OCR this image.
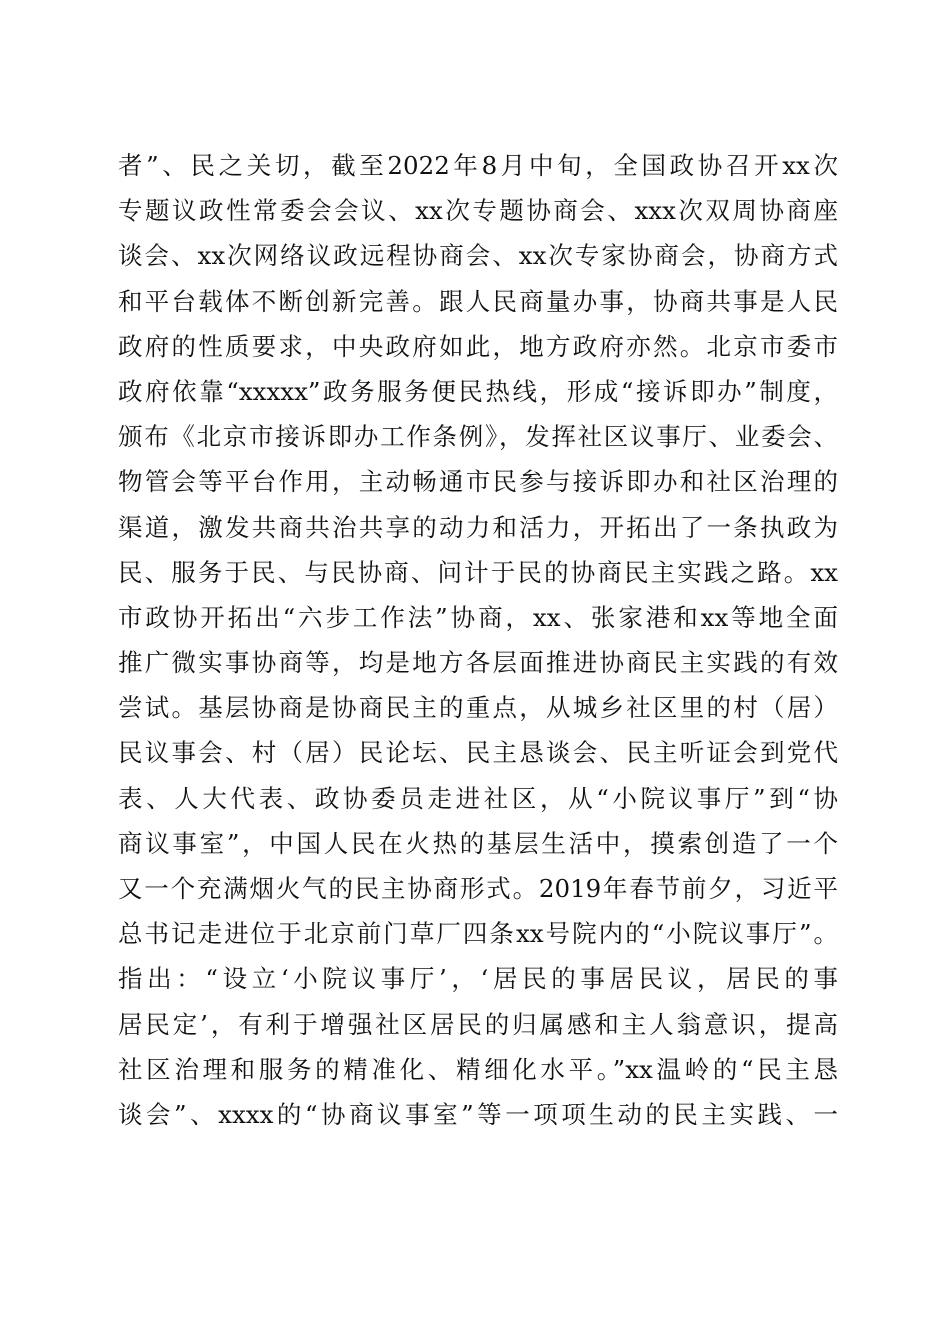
者”、民之关切，截至2022年8月中旬，全国政协召开xx次
专题议政性常委会会议、xx次专题协商会、xxx次双周协商座
谈会、xx次网络议政远程协商会、xx次专家协商会，协商方式
和平台载体不断创新完善。跟人民商量办事，协商共事是人民
政府的性质要求，中央政府如此，地方政府亦然。北京市委市
政府依靠“xxxxx”政务服务便民热线，形成“接诉即办”制度，
颁布《北京市接诉即办工作条例》，发挥社区议事厅、业委会、
物管会等平台作用，主动畅通市民参与接诉即办和社区治理的
渠道，激发共商共治共享的动力和活力，开拓出了一条执政为
民、服务于民、与民协商、问计于民的协商民主实践之路。xx
市政协开拓出“六步工作法”协商，xx、张家港和xx等地全面
推广微实事协商等，均是地方各层面推进协商民主实践的有效
尝试。基层协商是协商民主的重点，从城乡社区里的村（居）
民议事会、村（居）民论坛、民主恳谈会、民主听证会到党代
表、人大代表、政协委员走进社区，从“小院议事厅”到“协
商议事室”，中国人民在火热的基层生活中，摸索创造了一个
又一个充满烟火气的民主协商形式。2019年春节前夕，习近平
总书记走进位于北京前门草厂四条xx号院内的“小院议事厅”。
指出：“设立‘小院议事厅’，‘居民的事居民议，居民的事
居民定’，有利于增强社区居民的归属感和主人翁意识，提高
社区治理和服务的精准化、精细化水平。”xx温岭的“民主恳
谈会”、xxxx的“协商议事室”等一项项生动的民主实践、一
